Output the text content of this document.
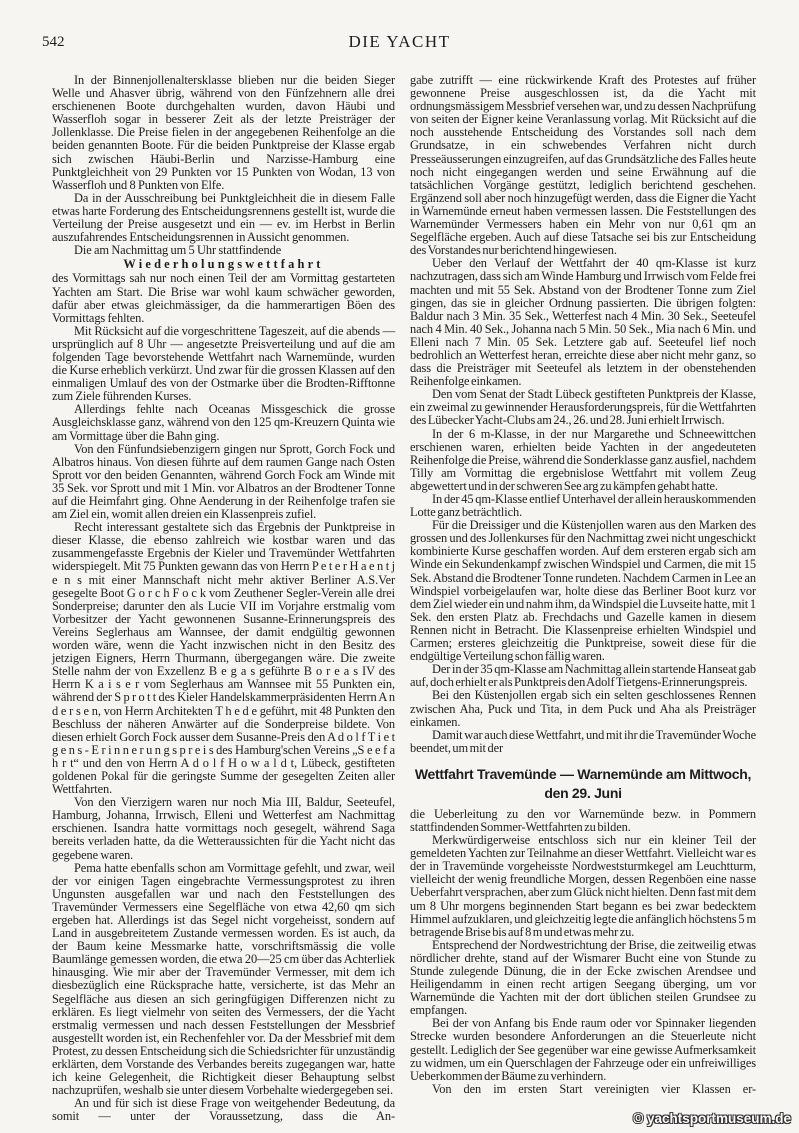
542	DIE YACHT

In der Binnenjollenaltersklasse blieben nur die beiden Sieger Welle und Ahasver übrig, während von den Fünfzehnern alle drei erschienenen Boote durchgehalten wurden, davon Häubi und Wasserfloh sogar in besserer Zeit als der letzte Preisträger der Jollenklasse. Die Preise fielen in der angegebenen Reihenfolge an die beiden genannten Boote. Für die beiden Punktpreise der Klasse ergab sich zwischen Häubi-Berlin und Narzisse-Hamburg eine Punktgleichheit von 29 Punkten vor 15 Punkten von Wodan, 13 von Wasserfloh und 8 Punkten von Elfe.

Da in der Ausschreibung bei Punktgleichheit die in diesem Falle etwas harte Forderung des Entscheidungsrennens gestellt ist, wurde die Verteilung der Preise ausgesetzt und ein — ev. im Herbst in Berlin auszufahrendes Entscheidungsrennen in Aussicht genommen.

Die am Nachmittag um 5 Uhr stattfindende

Wiederholungswettfahrt

des Vormittags sah nur noch einen Teil der am Vormittag gestarteten Yachten am Start. Die Brise war wohl kaum schwächer geworden, dafür aber etwas gleichmässiger, da die hammerartigen Böen des Vormittags fehlten.

Mit Rücksicht auf die vorgeschrittene Tageszeit, auf die abends — ursprünglich auf 8 Uhr — angesetzte Preisverteilung und auf die am folgenden Tage bevorstehende Wettfahrt nach Warnemünde, wurden die Kurse erheblich verkürzt. Und zwar für die grossen Klassen auf den einmaligen Umlauf des von der Ostmarke über die Brodten-Rifftonne zum Ziele führenden Kurses.

Allerdings fehlte nach Oceanas Missgeschick die grosse Ausgleichsklasse ganz, während von den 125 qm-Kreuzern Quinta wie am Vormittage über die Bahn ging.

Von den Fünfundsiebenzigern gingen nur Sprott, Gorch Fock und Albatros hinaus. Von diesen führte auf dem raumen Gange nach Osten Sprott vor den beiden Genannten, während Gorch Fock am Winde mit 35 Sek. vor Sprott und mit 1 Min. vor Albatros an der Brodtener Tonne auf die Heimfahrt ging. Ohne Aenderung in der Reihenfolge trafen sie am Ziel ein, womit allen dreien ein Klassenpreis zufiel.

Recht interessant gestaltete sich das Ergebnis der Punktpreise in dieser Klasse, die ebenso zahlreich wie kostbar waren und das zusammengefasste Ergebnis der Kieler und Travemünder Wettfahrten widerspiegelt. Mit 75 Punkten gewann das von Herrn P e t e r H a e n t j e n s mit einer Mannschaft nicht mehr aktiver Berliner A.S.Ver gesegelte Boot G o r c h F o c k vom Zeuthener Segler-Verein alle drei Sonderpreise; darunter den als Lucie VII im Vorjahre erstmalig vom Vorbesitzer der Yacht gewonnenen Susanne-Erinnerungspreis des Vereins Seglerhaus am Wannsee, der damit endgültig gewonnen worden wäre, wenn die Yacht inzwischen nicht in den Besitz des jetzigen Eigners, Herrn Thurmann, übergegangen wäre. Die zweite Stelle nahm der von Exzellenz B e g a s geführte B o r e a s IV des Herrn K a i s e r vom Seglerhaus am Wannsee mit 55 Punkten ein, während der S p r o t t des Kieler Handelskammerpräsidenten Herrn A n d e r s e n, von Herrn Architekten T h e d e geführt, mit 48 Punkten den Beschluss der näheren Anwärter auf die Sonderpreise bildete. Von diesen erhielt Gorch Fock ausser dem Susanne-Preis den A d o l f T i e t g e n s - E r i n n e r u n g s p r e i s des Hamburg'schen Vereins „S e e f a h r t“ und den von Herrn A d o l f H o w a l d t, Lübeck, gestifteten goldenen Pokal für die geringste Summe der gesegelten Zeiten aller Wettfahrten.

Von den Vierzigern waren nur noch Mia III, Baldur, Seeteufel, Hamburg, Johanna, Irrwisch, Elleni und Wetterfest am Nachmittag erschienen. Isandra hatte vormittags noch gesegelt, während Saga bereits verladen hatte, da die Wetteraussichten für die Yacht nicht das gegebene waren.

Pema hatte ebenfalls schon am Vormittage gefehlt, und zwar, weil der vor einigen Tagen eingebrachte Vermessungsprotest zu ihren Ungunsten ausgefallen war und nach den Feststellungen des Travemünder Vermessers eine Segelfläche von etwa 42,60 qm sich ergeben hat. Allerdings ist das Segel nicht vorgeheisst, sondern auf Land in ausgebreitetem Zustande vermessen worden. Es ist auch, da der Baum keine Messmarke hatte, vorschriftsmässig die volle Baumlänge gemessen worden, die etwa 20—25 cm über das Achterliek hinausging. Wie mir aber der Travemünder Vermesser, mit dem ich diesbezüglich eine Rücksprache hatte, versicherte, ist das Mehr an Segelfläche aus diesen an sich geringfügigen Differenzen nicht zu erklären. Es liegt vielmehr von seiten des Vermessers, der die Yacht erstmalig vermessen und nach dessen Feststellungen der Messbrief ausgestellt worden ist, ein Rechenfehler vor. Da der Messbrief mit dem Protest, zu dessen Entscheidung sich die Schiedsrichter für unzuständig erklärten, dem Vorstande des Verbandes bereits zugegangen war, hatte ich keine Gelegenheit, die Richtigkeit dieser Behauptung selbst nachzuprüfen, weshalb sie unter diesem Vorbehalte wiedergegeben sei.

An und für sich ist diese Frage von weitgehender Bedeutung, da somit — unter der Voraussetzung, dass die An-

gabe zutrifft — eine rückwirkende Kraft des Protestes auf früher gewonnene Preise ausgeschlossen ist, da die Yacht mit ordnungsmässigem Messbrief versehen war, und zu dessen Nachprüfung von seiten der Eigner keine Veranlassung vorlag. Mit Rücksicht auf die noch ausstehende Entscheidung des Vorstandes soll nach dem Grundsatze, in ein schwebendes Verfahren nicht durch Presseäusserungen einzugreifen, auf das Grundsätzliche des Falles heute noch nicht eingegangen werden und seine Erwähnung auf die tatsächlichen Vorgänge gestützt, lediglich berichtend geschehen. Ergänzend soll aber noch hinzugefügt werden, dass die Eigner die Yacht in Warnemünde erneut haben vermessen lassen. Die Feststellungen des Warnemünder Vermessers haben ein Mehr von nur 0,61 qm an Segelfläche ergeben. Auch auf diese Tatsache sei bis zur Entscheidung des Vorstandes nur berichtend hingewiesen.

Ueber den Verlauf der Wettfahrt der 40 qm-Klasse ist kurz nachzutragen, dass sich am Winde Hamburg und Irrwisch vom Felde frei machten und mit 55 Sek. Abstand von der Brodtener Tonne zum Ziel gingen, das sie in gleicher Ordnung passierten. Die übrigen folgten: Baldur nach 3 Min. 35 Sek., Wetterfest nach 4 Min. 30 Sek., Seeteufel nach 4 Min. 40 Sek., Johanna nach 5 Min. 50 Sek., Mia nach 6 Min. und Elleni nach 7 Min. 05 Sek. Letztere gab auf. Seeteufel lief noch bedrohlich an Wetterfest heran, erreichte diese aber nicht mehr ganz, so dass die Preisträger mit Seeteufel als letztem in der obenstehenden Reihenfolge einkamen.

Den vom Senat der Stadt Lübeck gestifteten Punktpreis der Klasse, ein zweimal zu gewinnender Herausforderungspreis, für die Wettfahrten des Lübecker Yacht-Clubs am 24., 26. und 28. Juni erhielt Irrwisch.

In der 6 m-Klasse, in der nur Margarethe und Schneewittchen erschienen waren, erhielten beide Yachten in der angedeuteten Reihenfolge die Preise, während die Sonderklasse ganz ausfiel, nachdem Tilly am Vormittag die ergebnislose Wettfahrt mit vollem Zeug abgewettert und in der schweren See arg zu kämpfen gehabt hatte.

In der 45 qm-Klasse entlief Unterhavel der allein herauskommenden Lotte ganz beträchtlich.

Für die Dreissiger und die Küstenjollen waren aus den Marken des grossen und des Jollenkurses für den Nachmittag zwei nicht ungeschickt kombinierte Kurse geschaffen worden. Auf dem ersteren ergab sich am Winde ein Sekundenkampf zwischen Windspiel und Carmen, die mit 15 Sek. Abstand die Brodtener Tonne rundeten. Nachdem Carmen in Lee an Windspiel vorbeigelaufen war, holte diese das Berliner Boot kurz vor dem Ziel wieder ein und nahm ihm, da Windspiel die Luvseite hatte, mit 1 Sek. den ersten Platz ab. Frechdachs und Gazelle kamen in diesem Rennen nicht in Betracht. Die Klassenpreise erhielten Windspiel und Carmen; ersteres gleichzeitig die Punktpreise, soweit diese für die endgültige Verteilung schon fällig waren.

Der in der 35 qm-Klasse am Nachmittag allein startende Hanseat gab auf, doch erhielt er als Punktpreis den Adolf Tietgens-Erinnerungspreis.

Bei den Küstenjollen ergab sich ein selten geschlossenes Rennen zwischen Aha, Puck und Tita, in dem Puck und Aha als Preisträger einkamen.

Damit war auch diese Wettfahrt, und mit ihr die Travemünder Woche beendet, um mit der

Wettfahrt Travemünde — Warnemünde am Mittwoch,
den 29. Juni

die Ueberleitung zu den vor Warnemünde bezw. in Pommern stattfindenden Sommer-Wettfahrten zu bilden.

Merkwürdigerweise entschloss sich nur ein kleiner Teil der gemeldeten Yachten zur Teilnahme an dieser Wettfahrt. Vielleicht war es der in Travemünde vorgeheisste Nordweststurmkegel am Leuchtturm, vielleicht der wenig freundliche Morgen, dessen Regenböen eine nasse Ueberfahrt versprachen, aber zum Glück nicht hielten. Denn fast mit dem um 8 Uhr morgens beginnenden Start begann es bei zwar bedecktem Himmel aufzuklaren, und gleichzeitig legte die anfänglich höchstens 5 m betragende Brise bis auf 8 m und etwas mehr zu.

Entsprechend der Nordwestrichtung der Brise, die zeitweilig etwas nördlicher drehte, stand auf der Wismarer Bucht eine von Stunde zu Stunde zulegende Dünung, die in der Ecke zwischen Arendsee und Heiligendamm in einen recht artigen Seegang überging, um vor Warnemünde die Yachten mit der dort üblichen steilen Grundsee zu empfangen.

Bei der von Anfang bis Ende raum oder vor Spinnaker liegenden Strecke wurden besondere Anforderungen an die Steuerleute nicht gestellt. Lediglich der See gegenüber war eine gewisse Aufmerksamkeit zu widmen, um ein Querschlagen der Fahrzeuge oder ein unfreiwilliges Ueberkommen der Bäume zu verhindern.

Von den im ersten Start vereinigten vier Klassen er-

© yachtsportmuseum.de
